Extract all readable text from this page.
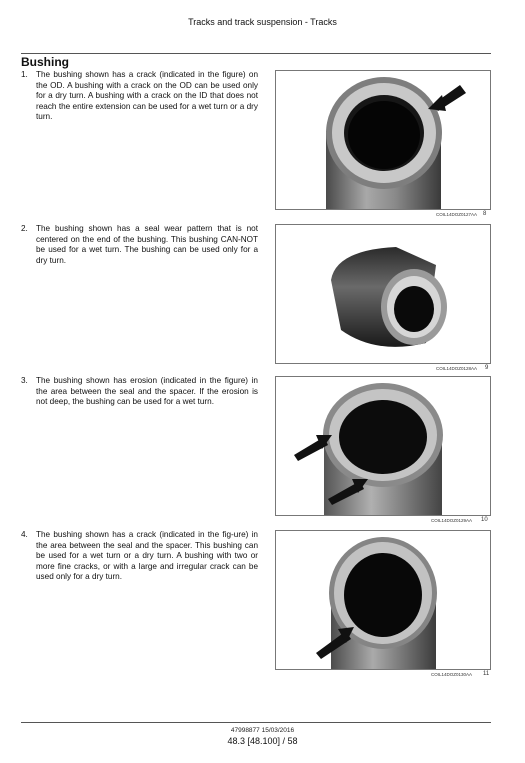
Tracks and track suspension - Tracks
Bushing
1. The bushing shown has a crack (indicated in the figure) on the OD. A bushing with a crack on the OD can be used only for a dry turn. A bushing with a crack on the ID that does not reach the entire extension can be used for a wet turn or a dry turn.
COIL14DOZ0127AA 8
2. The bushing shown has a seal wear pattern that is not centered on the end of the bushing. This bushing CAN-NOT be used for a wet turn. The bushing can be used only for a dry turn.
COIL14DOZ0128AA 9
3. The bushing shown has erosion (indicated in the figure) in the area between the seal and the spacer. If the erosion is not deep, the bushing can be used for a wet turn.
COIL14DOZ0129AA 10
4. The bushing shown has a crack (indicated in the fig-ure) in the area between the seal and the spacer. This bushing can be used for a wet turn or a dry turn. A bushing with two or more fine cracks, or with a large and irregular crack can be used only for a dry turn.
COIL14DOZ0130AA 11
47998877 15/03/2016
48.3 [48.100] / 58
